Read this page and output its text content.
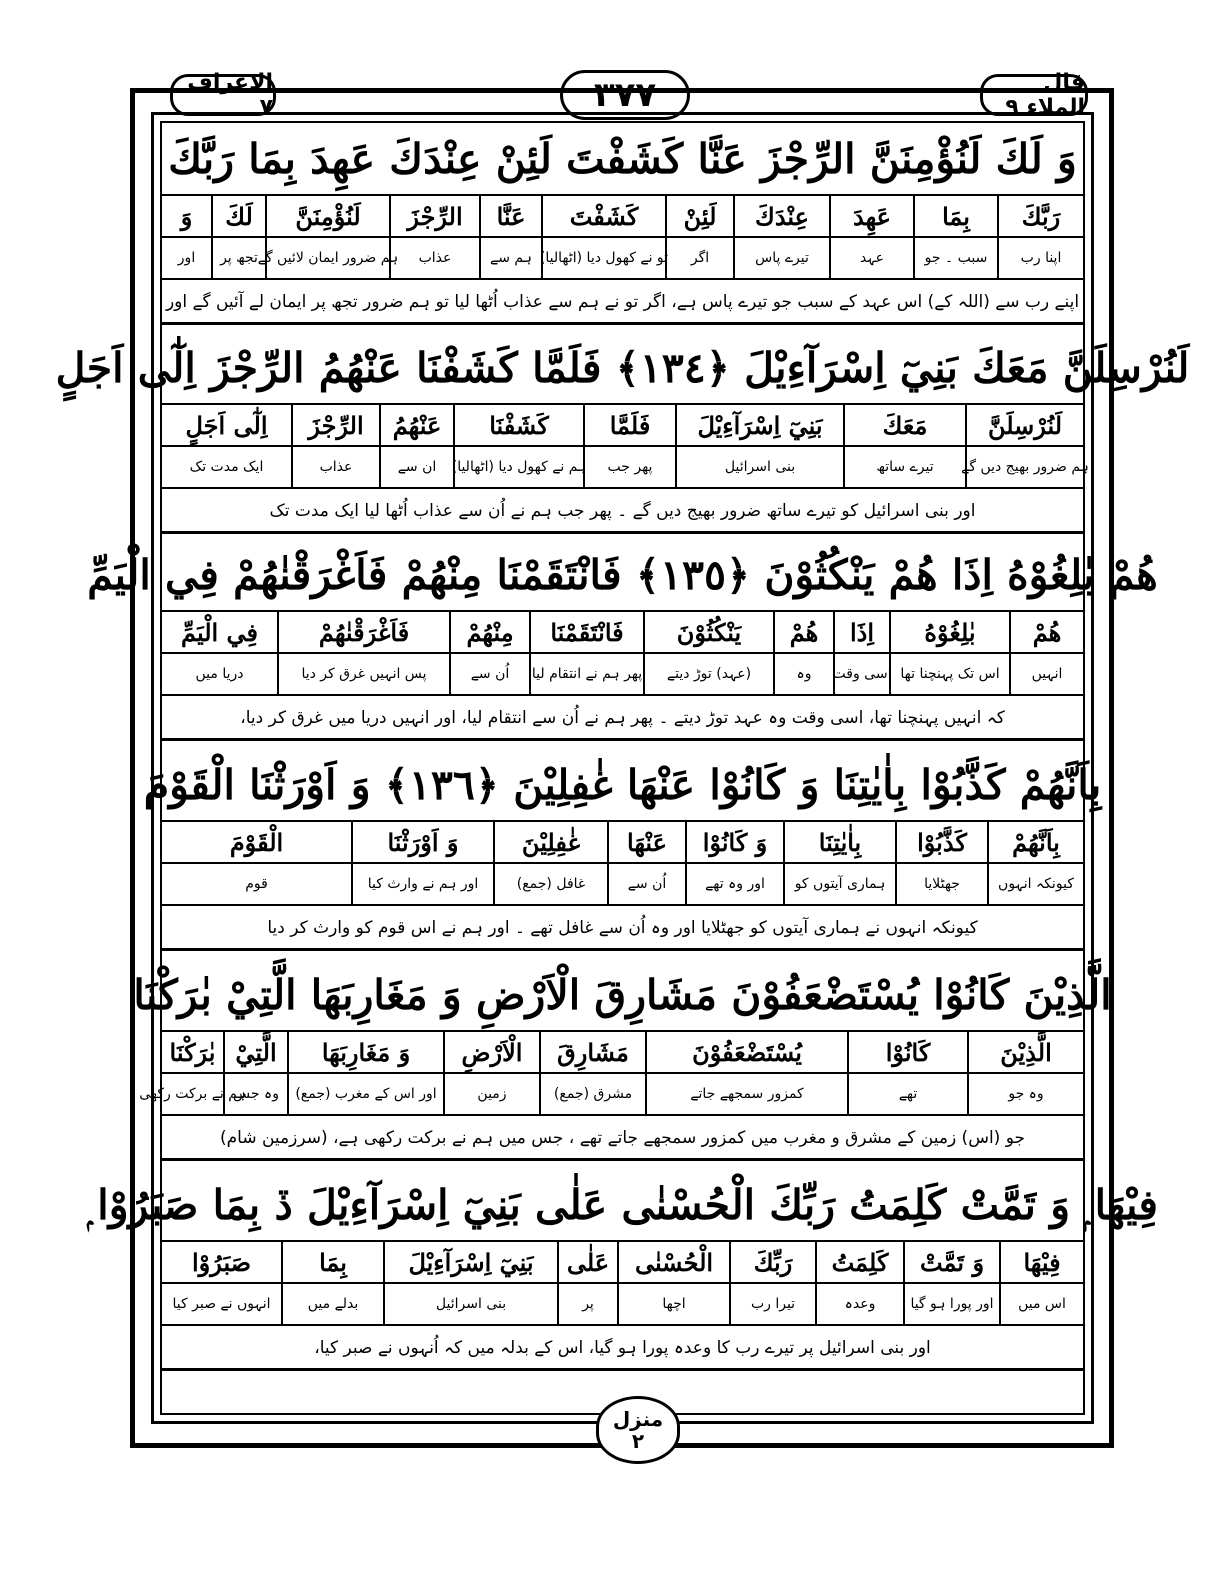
الاعراف ٧	٣٧٧	قال الملاء ٩
وَ لَكَ لَنُؤْمِنَنَّ الرِّجْزَ عَنَّا كَشَفْتَ لَئِنْ عِنْدَكَ عَهِدَ بِمَا رَبَّكَ
رَبَّكَ
بِمَا
عَهِدَ
عِنْدَكَ
لَئِنْ
كَشَفْتَ
عَنَّا
الرِّجْزَ
لَنُؤْمِنَنَّ
لَكَ
وَ
اپنا رب
سبب ۔ جو
عہد
تیرے پاس
اگر
تو نے کھول دیا (اٹھالیا)
ہم سے
عذاب
ہم ضرور ایمان لائیں گے
تجھ پر
اور
اپنے رب سے (اللہ کے) اس عہد کے سبب جو تیرے پاس ہے، اگر تو نے ہم سے عذاب اُٹھا لیا تو ہم ضرور تجھ پر ایمان لے آئیں گے اور
لَنُرْسِلَنَّ مَعَكَ بَنِيٓ اِسْرَآءِيْلَ ﴿١٣٤﴾ فَلَمَّا كَشَفْنَا عَنْهُمُ الرِّجْزَ اِلٰٓى اَجَلٍ
لَنُرْسِلَنَّ
مَعَكَ
بَنِيٓ اِسْرَآءِيْلَ
فَلَمَّا
كَشَفْنَا
عَنْهُمُ
الرِّجْزَ
اِلٰٓى اَجَلٍ
ہم ضرور بھیج دیں گے
تیرے ساتھ
بنی اسرائیل
پھر جب
ہم نے کھول دیا (اٹھالیا)
ان سے
عذاب
ایک مدت تک
اور بنی اسرائیل کو تیرے ساتھ ضرور بھیج دیں گے ۔ پھر جب ہم نے اُن سے عذاب اُٹھا لیا ایک مدت تک
هُمْ بٰلِغُوْهُ اِذَا هُمْ يَنْكُثُوْنَ ﴿١٣٥﴾ فَانْتَقَمْنَا مِنْهُمْ فَاَغْرَقْنٰهُمْ فِي الْيَمِّ
هُمْ
بٰلِغُوْهُ
اِذَا
هُمْ
يَنْكُثُوْنَ
فَانْتَقَمْنَا
مِنْهُمْ
فَاَغْرَقْنٰهُمْ
فِي الْيَمِّ
انہیں
اس تک پہنچنا تھا
اسی وقت
وہ
(عہد) توڑ دیتے
پھر ہم نے انتقام لیا
اُن سے
پس انہیں غرق کر دیا
دریا میں
کہ انہیں پہنچنا تھا، اسی وقت وہ عہد توڑ دیتے ۔ پھر ہم نے اُن سے انتقام لیا، اور انہیں دریا میں غرق کر دیا،
بِاَنَّهُمْ كَذَّبُوْا بِاٰيٰتِنَا وَ كَانُوْا عَنْهَا غٰفِلِيْنَ ﴿١٣٦﴾ وَ اَوْرَثْنَا الْقَوْمَ
بِاَنَّهُمْ
كَذَّبُوْا
بِاٰيٰتِنَا
وَ كَانُوْا
عَنْهَا
غٰفِلِيْنَ
وَ اَوْرَثْنَا
الْقَوْمَ
کیونکہ انہوں
جھٹلایا
ہماری آیتوں کو
اور وہ تھے
اُن سے
غافل (جمع)
اور ہم نے وارث کیا
قوم
کیونکہ انہوں نے ہماری آیتوں کو جھٹلایا اور وہ اُن سے غافل تھے ۔ اور ہم نے اس قوم کو وارث کر دیا
الَّذِيْنَ كَانُوْا يُسْتَضْعَفُوْنَ مَشَارِقَ الْاَرْضِ وَ مَغَارِبَهَا الَّتِيْ بٰرَكْنَا
الَّذِيْنَ
كَانُوْا
يُسْتَضْعَفُوْنَ
مَشَارِقَ
الْاَرْضِ
وَ مَغَارِبَهَا
الَّتِيْ
بٰرَكْنَا
وہ جو
تھے
کمزور سمجھے جاتے
مشرق (جمع)
زمین
اور اس کے مغرب (جمع)
وہ جس
ہم نے برکت رکھی
جو (اس) زمین کے مشرق و مغرب میں کمزور سمجھے جاتے تھے ، جس میں ہم نے برکت رکھی ہے، (سرزمین شام)
فِيْهَا ۭ وَ تَمَّتْ كَلِمَتُ رَبِّكَ الْحُسْنٰى عَلٰى بَنِيٓ اِسْرَآءِيْلَ ڏ بِمَا صَبَرُوْا ۭ
فِيْهَا
وَ تَمَّتْ
كَلِمَتُ
رَبِّكَ
الْحُسْنٰى
عَلٰى
بَنِيٓ اِسْرَآءِيْلَ
بِمَا
صَبَرُوْا
اس میں
اور پورا ہو گیا
وعدہ
تیرا رب
اچھا
پر
بنی اسرائیل
بدلے میں
انہوں نے صبر کیا
اور بنی اسرائیل پر تیرے رب کا وعدہ پورا ہو گیا، اس کے بدلہ میں کہ اُنہوں نے صبر کیا،
منزل
٢
